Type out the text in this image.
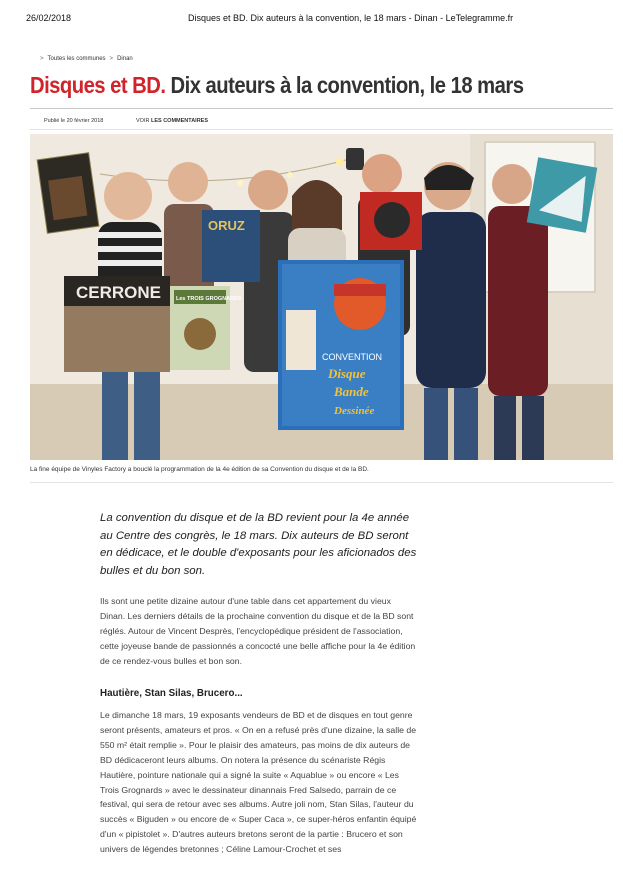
26/02/2018	Disques et BD. Dix auteurs à la convention, le 18 mars - Dinan - LeTelegramme.fr
> Toutes les communes > Dinan
Disques et BD. Dix auteurs à la convention, le 18 mars
Publié le 20 février 2018	VOIR LES COMMENTAIRES
ORUZ
CERRONE	Les TROIS GROGNARDS
CONVENTION
Disque
Bande
Dessinée
La fine équipe de Vinyles Factory a bouclé la programmation de la 4e édition de sa Convention du disque et de la BD.

La convention du disque et de la BD revient pour la 4e année au Centre des congrès, le 18 mars. Dix auteurs de BD seront en dédicace, et le double d'exposants pour les aficionados des bulles et du bon son.

Ils sont une petite dizaine autour d'une table dans cet appartement du vieux Dinan. Les derniers détails de la prochaine convention du disque et de la BD sont réglés. Autour de Vincent Desprès, l'encyclopédique président de l'association, cette joyeuse bande de passionnés a concocté une belle affiche pour la 4e édition de ce rendez-vous bulles et bon son.

Hautière, Stan Silas, Brucero...

Le dimanche 18 mars, 19 exposants vendeurs de BD et de disques en tout genre seront présents, amateurs et pros. « On en a refusé près d'une dizaine, la salle de 550 m² était remplie ». Pour le plaisir des amateurs, pas moins de dix auteurs de BD dédicaceront leurs albums. On notera la présence du scénariste Régis Hautière, pointure nationale qui a signé la suite « Aquablue » ou encore « Les Trois Grognards » avec le dessinateur dinannais Fred Salsedo, parrain de ce festival, qui sera de retour avec ses albums. Autre joli nom, Stan Silas, l'auteur du succès « Biguden » ou encore de « Super Caca », ce super-héros enfantin équipé d'un « pipistolet ». D'autres auteurs bretons seront de la partie : Brucero et son univers de légendes bretonnes ; Céline Lamour-Crochet et ses
